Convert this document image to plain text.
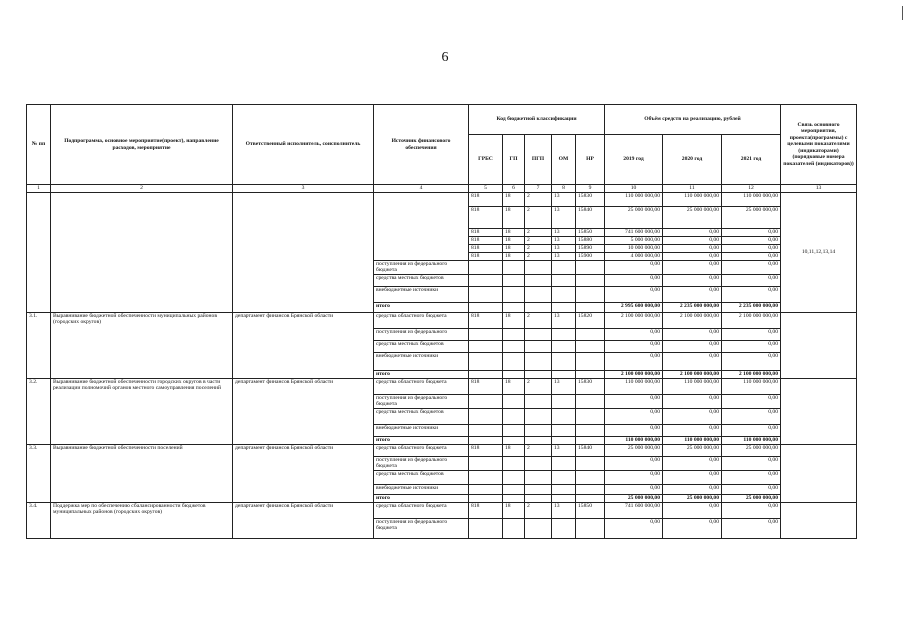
6
№ пп	Подпрограмма, основное мероприятие(проект), направление расходов, мероприятие	Ответственный исполнитель, соисполнитель	Источник финансового обеспечения	Код бюджетной классификации					Объём средств на реализацию, рублей			Связь основного мероприятия, проекта(программы) с целевыми показателями (индикаторами) (порядковые номера показателей (индикаторов))
				ГРБС	ГП	ПГП	ОМ	НР	2019 год	2020 год	2021 год	
1	2	3	4	5	6	7	8	9	10	11	12	13
				818	18	2	13	15830	110 000 000,00	110 000 000,00	110 000 000,00	10,11,12,13,14
				818	18	2	13	15840	25 000 000,00	25 000 000,00	25 000 000,00	
				818	18	2	13	15850	741 600 000,00	0,00	0,00	
				818	18	2	13	15880	5 000 000,00	0,00	0,00	
				818	18	2	13	15890	10 000 000,00	0,00	0,00	
				818	18	2	13	15900	4 000 000,00	0,00	0,00	
			поступления из федерального бюджета						0,00	0,00	0,00	
			средства местных бюджетов						0,00	0,00	0,00	
			внебюджетные источники						0,00	0,00	0,00	
			итого						2 995 600 000,00	2 235 000 000,00	2 235 000 000,00	
3.1.	Выравнивание бюджетной обеспеченности муниципальных районов (городских округов)	департамент финансов Брянской области	средства областного бюджета	818	18	2	13	15820	2 100 000 000,00	2 100 000 000,00	2 100 000 000,00	
			поступления из федерального						0,00	0,00	0,00	
			средства местных бюджетов						0,00	0,00	0,00	
			внебюджетные источники						0,00	0,00	0,00	
			итого						2 100 000 000,00	2 100 000 000,00	2 100 000 000,00	
3.2.	Выравнивание бюджетной обеспеченности городских округов в части реализации полномочий органов местного самоуправления поселений	департамент финансов Брянской области	средства областного бюджета	818	18	2	13	15830	110 000 000,00	110 000 000,00	110 000 000,00	
			поступления из федерального бюджета						0,00	0,00	0,00	
			средства местных бюджетов						0,00	0,00	0,00	
			внебюджетные источники						0,00	0,00	0,00	
			итого						110 000 000,00	110 000 000,00	110 000 000,00	
3.3.	Выравнивание бюджетной обеспеченности поселений	департамент финансов Брянской области	средства областного бюджета	818	18	2	13	15840	25 000 000,00	25 000 000,00	25 000 000,00	
			поступления из федерального бюджета						0,00	0,00	0,00	
			средства местных бюджетов						0,00	0,00	0,00	
			внебюджетные источники						0,00	0,00	0,00	
			итого						25 000 000,00	25 000 000,00	25 000 000,00	
3.4.	Поддержка мер по обеспечению сбалансированности бюджетов муниципальных районов (городских округов)	департамент финансов Брянской области	средства областного бюджета	818	18	2	13	15850	741 600 000,00	0,00	0,00	
			поступления из федерального бюджета						0,00	0,00	0,00	
